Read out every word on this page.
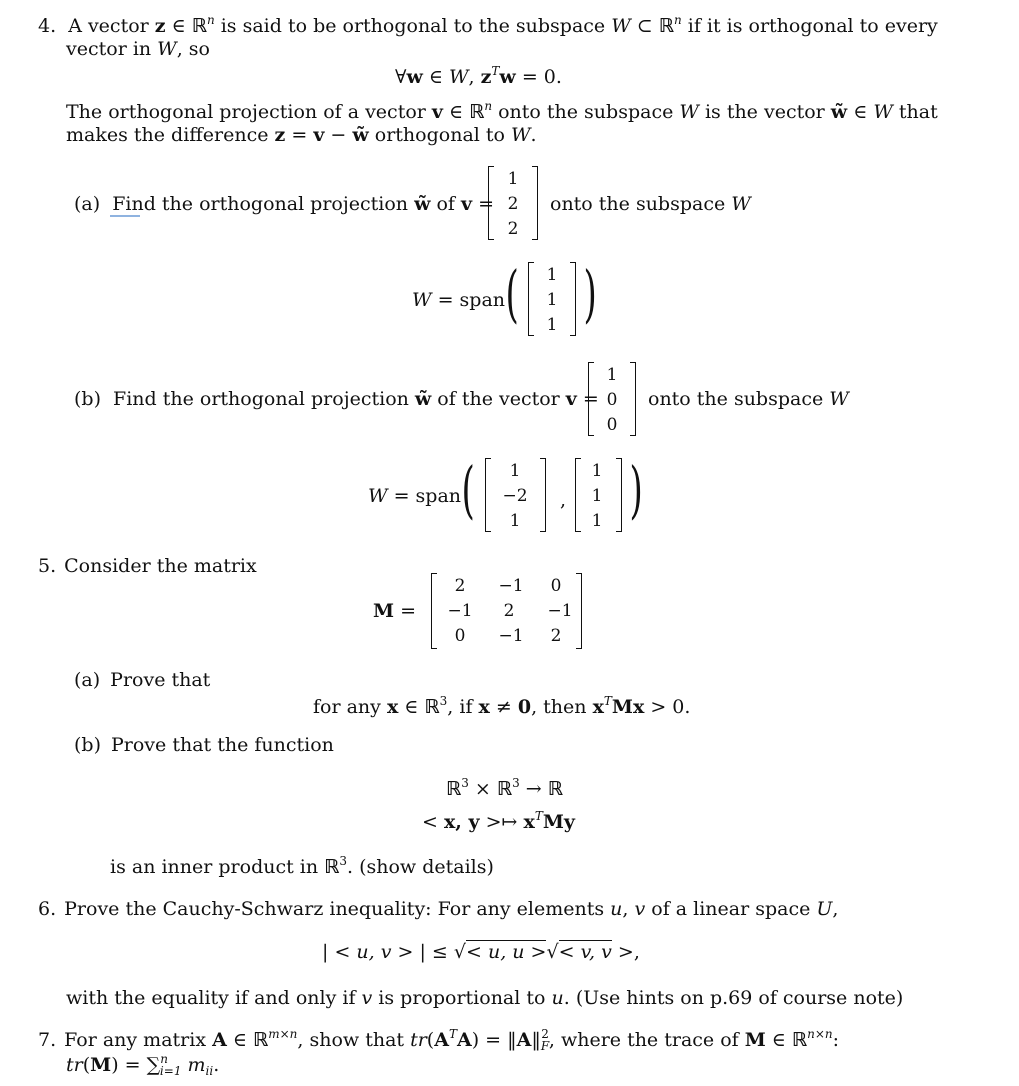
4. A vector z ∈ ℝ$^n$ is said to be orthogonal to the subspace W ⊂ ℝ$^n$ if it is orthogonal to every
vector in W, so
∀w ∈ W, $z^Tw = 0$.
The orthogonal projection of a vector v ∈ ℝ$^n$ onto the subspace W is the vector w̃ ∈ W that
makes the difference z = v − w̃ orthogonal to W.
(a) Find the orthogonal projection w̃ of v =
1
2
2
onto the subspace W
W = span (	1
1
1 )
(b) Find the orthogonal projection w̃ of the vector v =
1
0
0
onto the subspace W
W = span (	1
−2
1
,
1
1
1 )
5. Consider the matrix
M =
2	−1	0
−1	2	−1
0	−1	2
(a) Prove that
for any x ∈ ℝ$^3$, if x ≠ 0, then $x^TMx > 0$.
(b) Prove that the function
ℝ$^3$ × ℝ$^3$ → ℝ
< x, y >↦ $x^TMy$
is an inner product in ℝ$^3$. (show details)
6. Prove the Cauchy-Schwarz inequality: For any elements u, v of a linear space U,
| < u, v > | ≤ √< u, u >√< v, v >,
with the equality if and only if v is proportional to u. (Use hints on p.69 of course note)
7. For any matrix A ∈ ℝ$^{m\times n}$, show that $tr(A^TA)$ = $‖A‖_F^2$, where the trace of M ∈ ℝ$^{n\times n}$:
tr(M) = ∑$^n_{i=1}$ $m_{ii}$.
